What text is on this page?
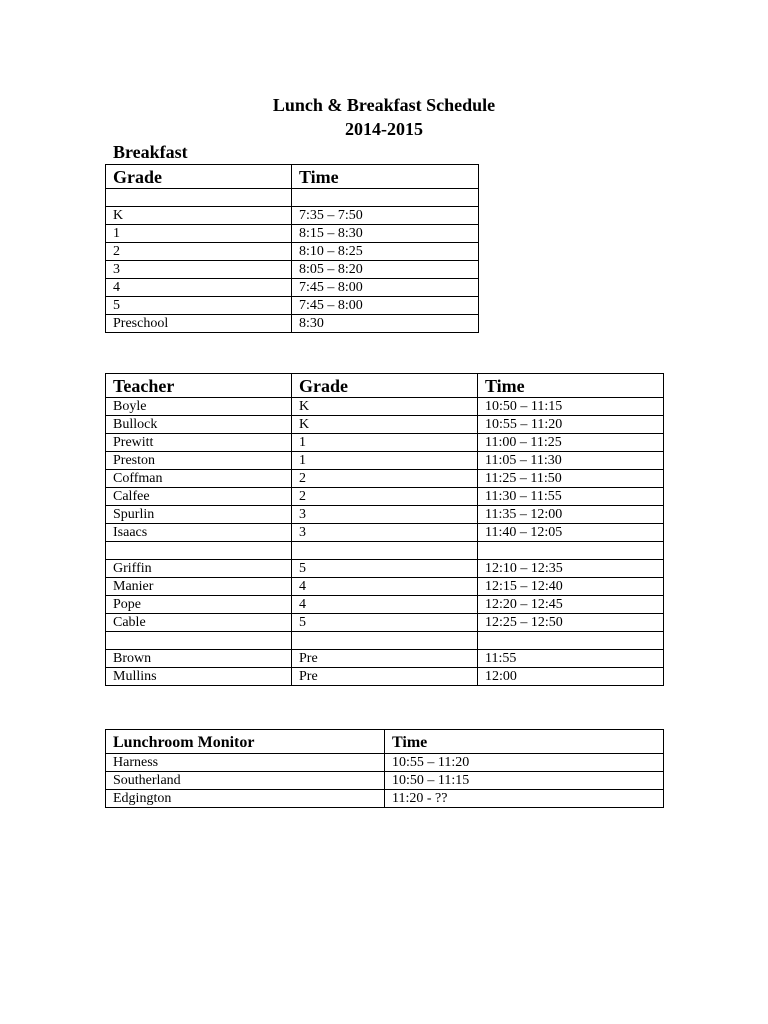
Lunch & Breakfast Schedule
2014-2015
Breakfast
Grade	Time

K	7:35 – 7:50
1	8:15 – 8:30
2	8:10 – 8:25
3	8:05 – 8:20
4	7:45 – 8:00
5	7:45 – 8:00
Preschool	8:30
Teacher	Grade	Time
Boyle	K	10:50 – 11:15
Bullock	K	10:55 – 11:20
Prewitt	1	11:00 – 11:25
Preston	1	11:05 – 11:30
Coffman	2	11:25 – 11:50
Calfee	2	11:30 – 11:55
Spurlin	3	11:35 – 12:00
Isaacs	3	11:40 – 12:05

Griffin	5	12:10 – 12:35
Manier	4	12:15 – 12:40
Pope	4	12:20 – 12:45
Cable	5	12:25 – 12:50

Brown	Pre	11:55
Mullins	Pre	12:00
Lunchroom Monitor	Time
Harness	10:55 – 11:20
Southerland	10:50 – 11:15
Edgington	11:20 - ??
